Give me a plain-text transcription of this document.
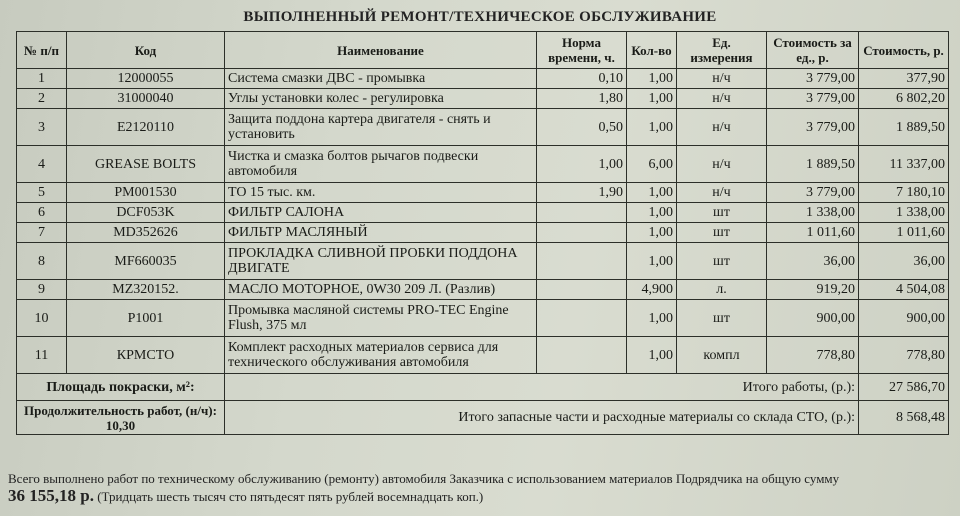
ВЫПОЛНЕННЫЙ РЕМОНТ/ТЕХНИЧЕСКОЕ ОБСЛУЖИВАНИЕ
№ п/п	Код	Наименование	Норма времени, ч.	Кол-во	Ед. измерения	Стоимость за ед., р.	Стоимость, р.
1	12000055	Система смазки ДВС - промывка	0,10	1,00	н/ч	3 779,00	377,90
2	31000040	Углы установки колес - регулировка	1,80	1,00	н/ч	3 779,00	6 802,20
3	E2120110	Защита поддона картера двигателя - снять и установить	0,50	1,00	н/ч	3 779,00	1 889,50
4	GREASE BOLTS	Чистка и смазка болтов рычагов подвески автомобиля	1,00	6,00	н/ч	1 889,50	11 337,00
5	PM001530	ТО 15 тыс. км.	1,90	1,00	н/ч	3 779,00	7 180,10
6	DCF053K	ФИЛЬТР САЛОНА		1,00	шт	1 338,00	1 338,00
7	MD352626	ФИЛЬТР МАСЛЯНЫЙ		1,00	шт	1 011,60	1 011,60
8	MF660035	ПРОКЛАДКА СЛИВНОЙ ПРОБКИ ПОДДОНА ДВИГАТЕ		1,00	шт	36,00	36,00
9	MZ320152.	МАСЛО МОТОРНОЕ, 0W30 209 Л. (Разлив)		4,900	л.	919,20	4 504,08
10	P1001	Промывка масляной системы PRO-TEC Engine Flush, 375 мл		1,00	шт	900,00	900,00
11	КРМСТО	Комплект расходных материалов сервиса для технического обслуживания автомобиля		1,00	компл	778,80	778,80
Площадь покраски, м²:		Итого работы, (р.):					27 586,70
Продолжительность работ, (н/ч): 10,30		Итого запасные части и расходные материалы со склада СТО, (р.):					8 568,48
Всего выполнено работ по техническому обслуживанию (ремонту) автомобиля Заказчика с использованием материалов Подрядчика на общую сумму
36 155,18 р. (Тридцать шесть тысяч сто пятьдесят пять рублей восемнадцать коп.)
